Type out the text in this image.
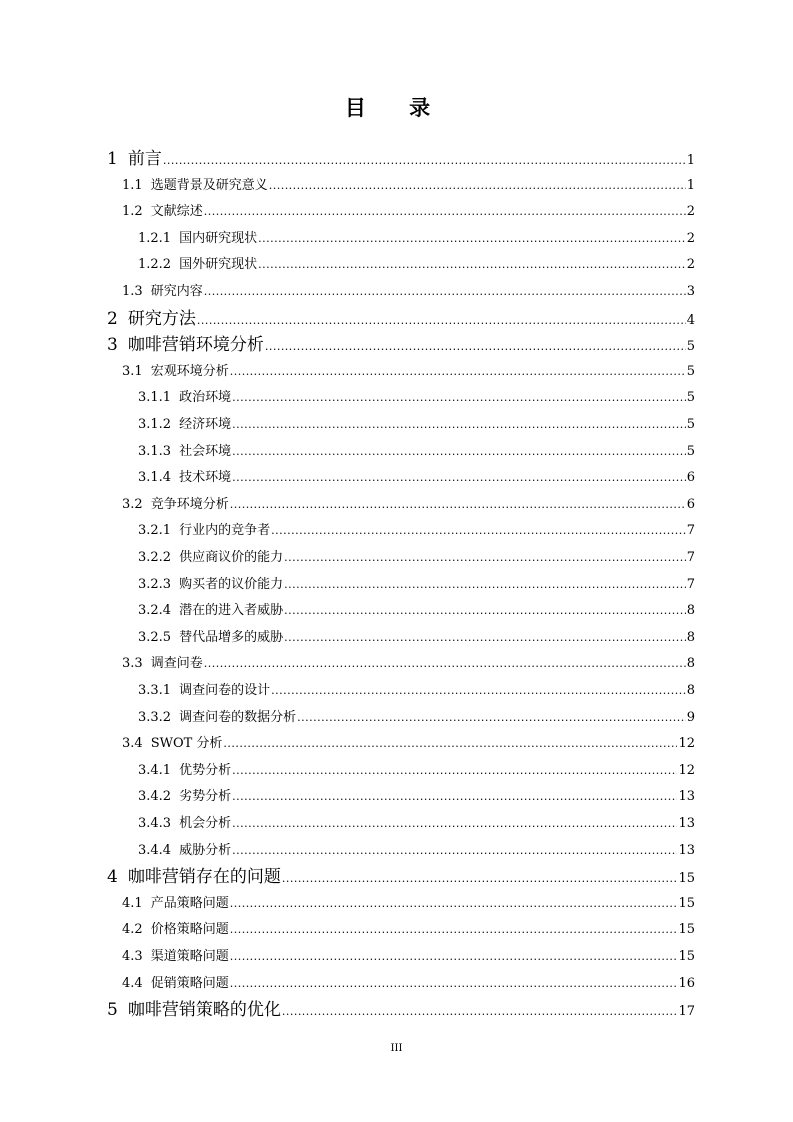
目 录
1 前言 .....	1
1.1 选题背景及研究意义 .....	1
1.2 文献综述 .....	2
1.2.1 国内研究现状 .....	2
1.2.2 国外研究现状 .....	2
1.3 研究内容 .....	3
2 研究方法 .....	4
3 咖啡营销环境分析 .....	5
3.1 宏观环境分析 .....	5
3.1.1 政治环境 .....	5
3.1.2 经济环境 .....	5
3.1.3 社会环境 .....	5
3.1.4 技术环境 .....	6
3.2 竞争环境分析 .....	6
3.2.1 行业内的竞争者 .....	7
3.2.2 供应商议价的能力 .....	7
3.2.3 购买者的议价能力 .....	7
3.2.4 潜在的进入者威胁 .....	8
3.2.5 替代品增多的威胁 .....	8
3.3 调查问卷 .....	8
3.3.1 调查问卷的设计 .....	8
3.3.2 调查问卷的数据分析 .....	9
3.4 SWOT 分析 .....	12
3.4.1 优势分析 .....	12
3.4.2 劣势分析 .....	13
3.4.3 机会分析 .....	13
3.4.4 威胁分析 .....	13
4 咖啡营销存在的问题 .....	15
4.1 产品策略问题 .....	15
4.2 价格策略问题 .....	15
4.3 渠道策略问题 .....	15
4.4 促销策略问题 .....	16
5 咖啡营销策略的优化 .....	17
III
